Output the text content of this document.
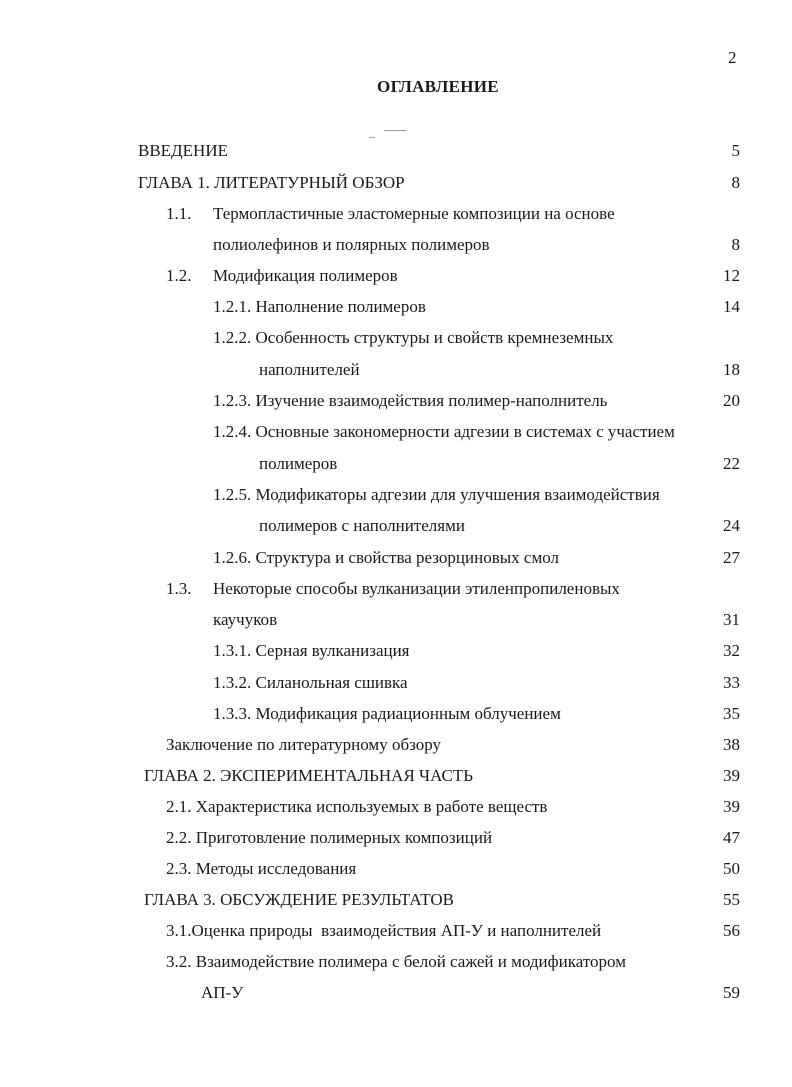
2
ОГЛАВЛЕНИЕ
ВВЕДЕНИЕ	5
ГЛАВА 1. ЛИТЕРАТУРНЫЙ ОБЗОР	8
1.1. Термопластичные эластомерные композиции на основе
полиолефинов и полярных полимеров	8
1.2. Модификация полимеров	12
1.2.1. Наполнение полимеров	14
1.2.2. Особенность структуры и свойств кремнеземных
наполнителей	18
1.2.3. Изучение взаимодействия полимер-наполнитель	20
1.2.4. Основные закономерности адгезии в системах с участием
полимеров	22
1.2.5. Модификаторы адгезии для улучшения взаимодействия
полимеров с наполнителями	24
1.2.6. Структура и свойства резорциновых смол	27
1.3. Некоторые способы вулканизации этиленпропиленовых
каучуков	31
1.3.1. Серная вулканизация	32
1.3.2. Силанольная сшивка	33
1.3.3. Модификация радиационным облучением	35
Заключение по литературному обзору	38
ГЛАВА 2. ЭКСПЕРИМЕНТАЛЬНАЯ ЧАСТЬ	39
2.1. Характеристика используемых в работе веществ	39
2.2. Приготовление полимерных композиций	47
2.3. Методы исследования	50
ГЛАВА 3. ОБСУЖДЕНИЕ РЕЗУЛЬТАТОВ	55
3.1.Оценка природы  взаимодействия АП-У и наполнителей	56
3.2. Взаимодействие полимера с белой сажей и модификатором
АП-У	59
